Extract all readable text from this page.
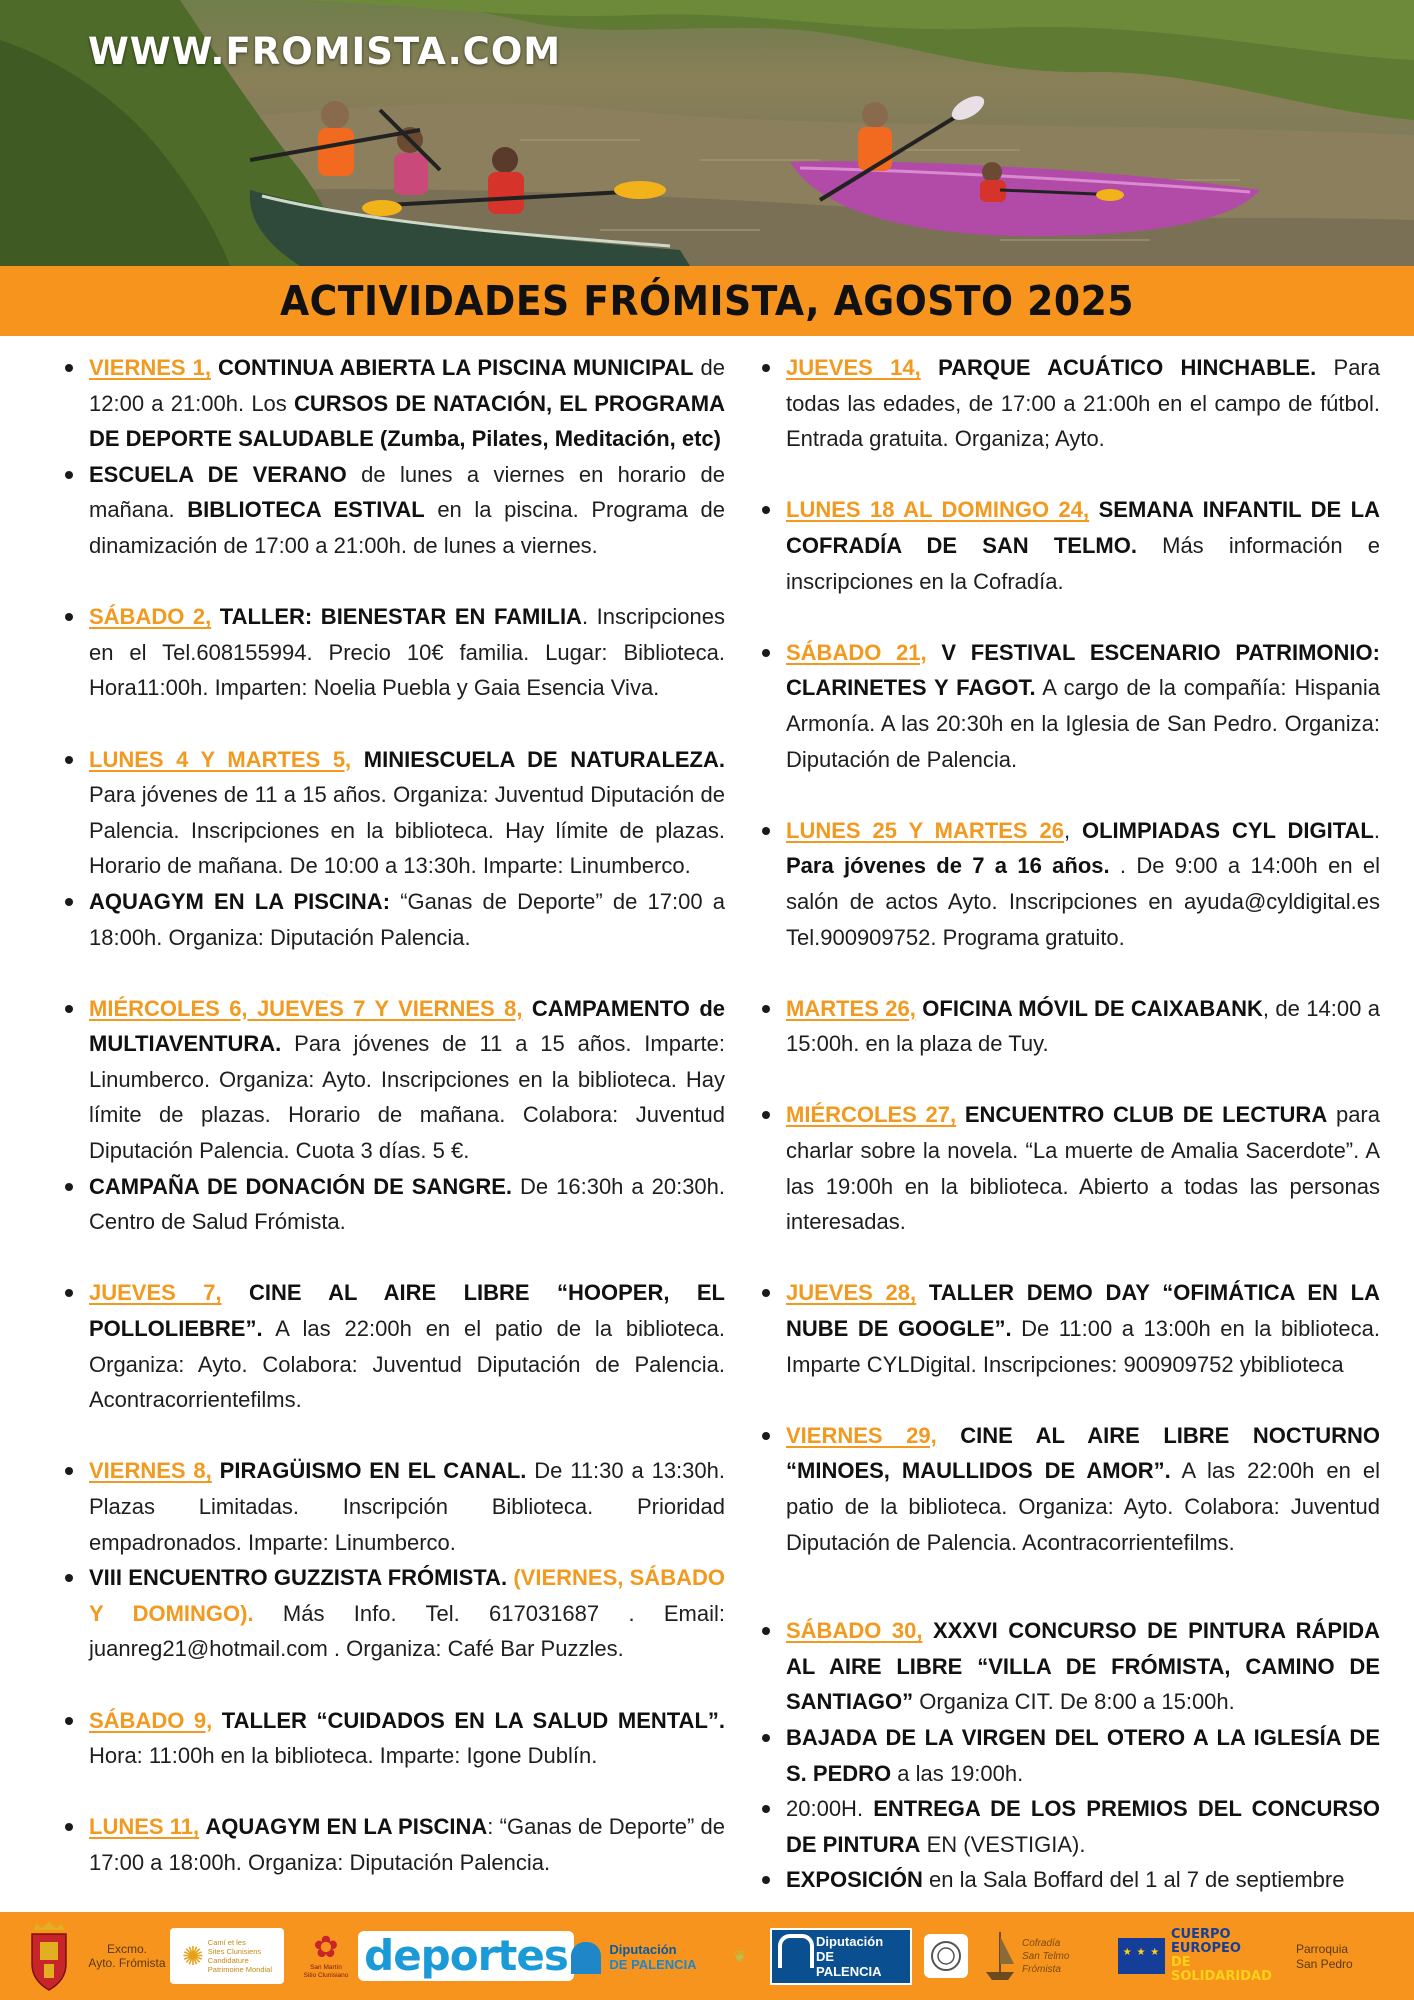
WWW.FROMISTA.COM
ACTIVIDADES FRÓMISTA, AGOSTO 2025
VIERNES 1, CONTINUA ABIERTA LA PISCINA MUNICIPAL de 12:00 a 21:00h. Los CURSOS DE NATACIÓN, EL PROGRAMA DE DEPORTE SALUDABLE (Zumba, Pilates, Meditación, etc)
ESCUELA DE VERANO de lunes a viernes en horario de mañana. BIBLIOTECA ESTIVAL en la piscina. Programa de dinamización de 17:00 a 21:00h. de lunes a viernes.
SÁBADO 2, TALLER: BIENESTAR EN FAMILIA. Inscripciones en el Tel.608155994. Precio 10€ familia. Lugar: Biblioteca. Hora11:00h. Imparten: Noelia Puebla y Gaia Esencia Viva.
LUNES 4 Y MARTES 5, MINIESCUELA DE NATURALEZA. Para jóvenes de 11 a 15 años. Organiza: Juventud Diputación de Palencia. Inscripciones en la biblioteca. Hay límite de plazas. Horario de mañana. De 10:00 a 13:30h. Imparte: Linumberco.
AQUAGYM EN LA PISCINA: “Ganas de Deporte” de 17:00 a 18:00h. Organiza: Diputación Palencia.
MIÉRCOLES 6, JUEVES 7 Y VIERNES 8, CAMPAMENTO de MULTIAVENTURA. Para jóvenes de 11 a 15 años. Imparte: Linumberco. Organiza: Ayto. Inscripciones en la biblioteca. Hay límite de plazas. Horario de mañana. Colabora: Juventud Diputación Palencia. Cuota 3 días. 5 €.
CAMPAÑA DE DONACIÓN DE SANGRE. De 16:30h a 20:30h. Centro de Salud Frómista.
JUEVES 7, CINE AL AIRE LIBRE “HOOPER, EL POLLOLIEBRE”. A las 22:00h en el patio de la biblioteca. Organiza: Ayto. Colabora: Juventud Diputación de Palencia. Acontracorrientefilms.
VIERNES 8, PIRAGÜISMO EN EL CANAL. De 11:30 a 13:30h. Plazas Limitadas. Inscripción Biblioteca. Prioridad empadronados. Imparte: Linumberco.
VIII ENCUENTRO GUZZISTA FRÓMISTA. (VIERNES, SÁBADO Y DOMINGO). Más Info. Tel. 617031687 . Email: juanreg21@hotmail.com . Organiza: Café Bar Puzzles.
SÁBADO 9, TALLER “CUIDADOS EN LA SALUD MENTAL”. Hora: 11:00h en la biblioteca. Imparte: Igone Dublín.
LUNES 11, AQUAGYM EN LA PISCINA: “Ganas de Deporte” de 17:00 a 18:00h. Organiza: Diputación Palencia.
JUEVES 14, PARQUE ACUÁTICO HINCHABLE. Para todas las edades, de 17:00 a 21:00h en el campo de fútbol. Entrada gratuita. Organiza; Ayto.
LUNES 18 AL DOMINGO 24, SEMANA INFANTIL DE LA COFRADÍA DE SAN TELMO. Más información e inscripciones en la Cofradía.
SÁBADO 21, V FESTIVAL ESCENARIO PATRIMONIO: CLARINETES Y FAGOT. A cargo de la compañía: Hispania Armonía. A las 20:30h en la Iglesia de San Pedro. Organiza: Diputación de Palencia.
LUNES 25 Y MARTES 26, OLIMPIADAS CYL DIGITAL. Para jóvenes de 7 a 16 años. . De 9:00 a 14:00h en el salón de actos Ayto. Inscripciones en ayuda@cyldigital.es Tel.900909752. Programa gratuito.
MARTES 26, OFICINA MÓVIL DE CAIXABANK, de 14:00 a 15:00h. en la plaza de Tuy.
MIÉRCOLES 27, ENCUENTRO CLUB DE LECTURA para charlar sobre la novela. “La muerte de Amalia Sacerdote”. A las 19:00h en la biblioteca. Abierto a todas las personas interesadas.
JUEVES 28, TALLER DEMO DAY “OFIMÁTICA EN LA NUBE DE GOOGLE”. De 11:00 a 13:00h en la biblioteca. Imparte CYLDigital. Inscripciones: 900909752 ybiblioteca
VIERNES 29, CINE AL AIRE LIBRE NOCTURNO “MINOES, MAULLIDOS DE AMOR”. A las 22:00h en el patio de la biblioteca. Organiza: Ayto. Colabora: Juventud Diputación de Palencia. Acontracorrientefilms.
SÁBADO 30, XXXVI CONCURSO DE PINTURA RÁPIDA AL AIRE LIBRE “VILLA DE FRÓMISTA, CAMINO DE SANTIAGO” Organiza CIT. De 8:00 a 15:00h.
BAJADA DE LA VIRGEN DEL OTERO A LA IGLESÍA DE S. PEDRO a las 19:00h.
20:00H. ENTREGA DE LOS PREMIOS DEL CONCURSO DE PINTURA EN (VESTIGIA).
EXPOSICIÓN en la Sala Boffard del 1 al 7 de septiembre
Excmo.
Ayto. Frómista ✺ Camí et les
Sites Clunisiens
Candidature
Patrimoine Mondial
✿
San Martín
Sitio Clunisiano deportes	Diputación
DE PALENCIA ❦
Diputación
DE PALENCIA
Cofradía
San Telmo
Frómista
★ ★ ★
CUERPO
EUROPEO
DE SOLIDARIDAD
Parroquia
San Pedro
